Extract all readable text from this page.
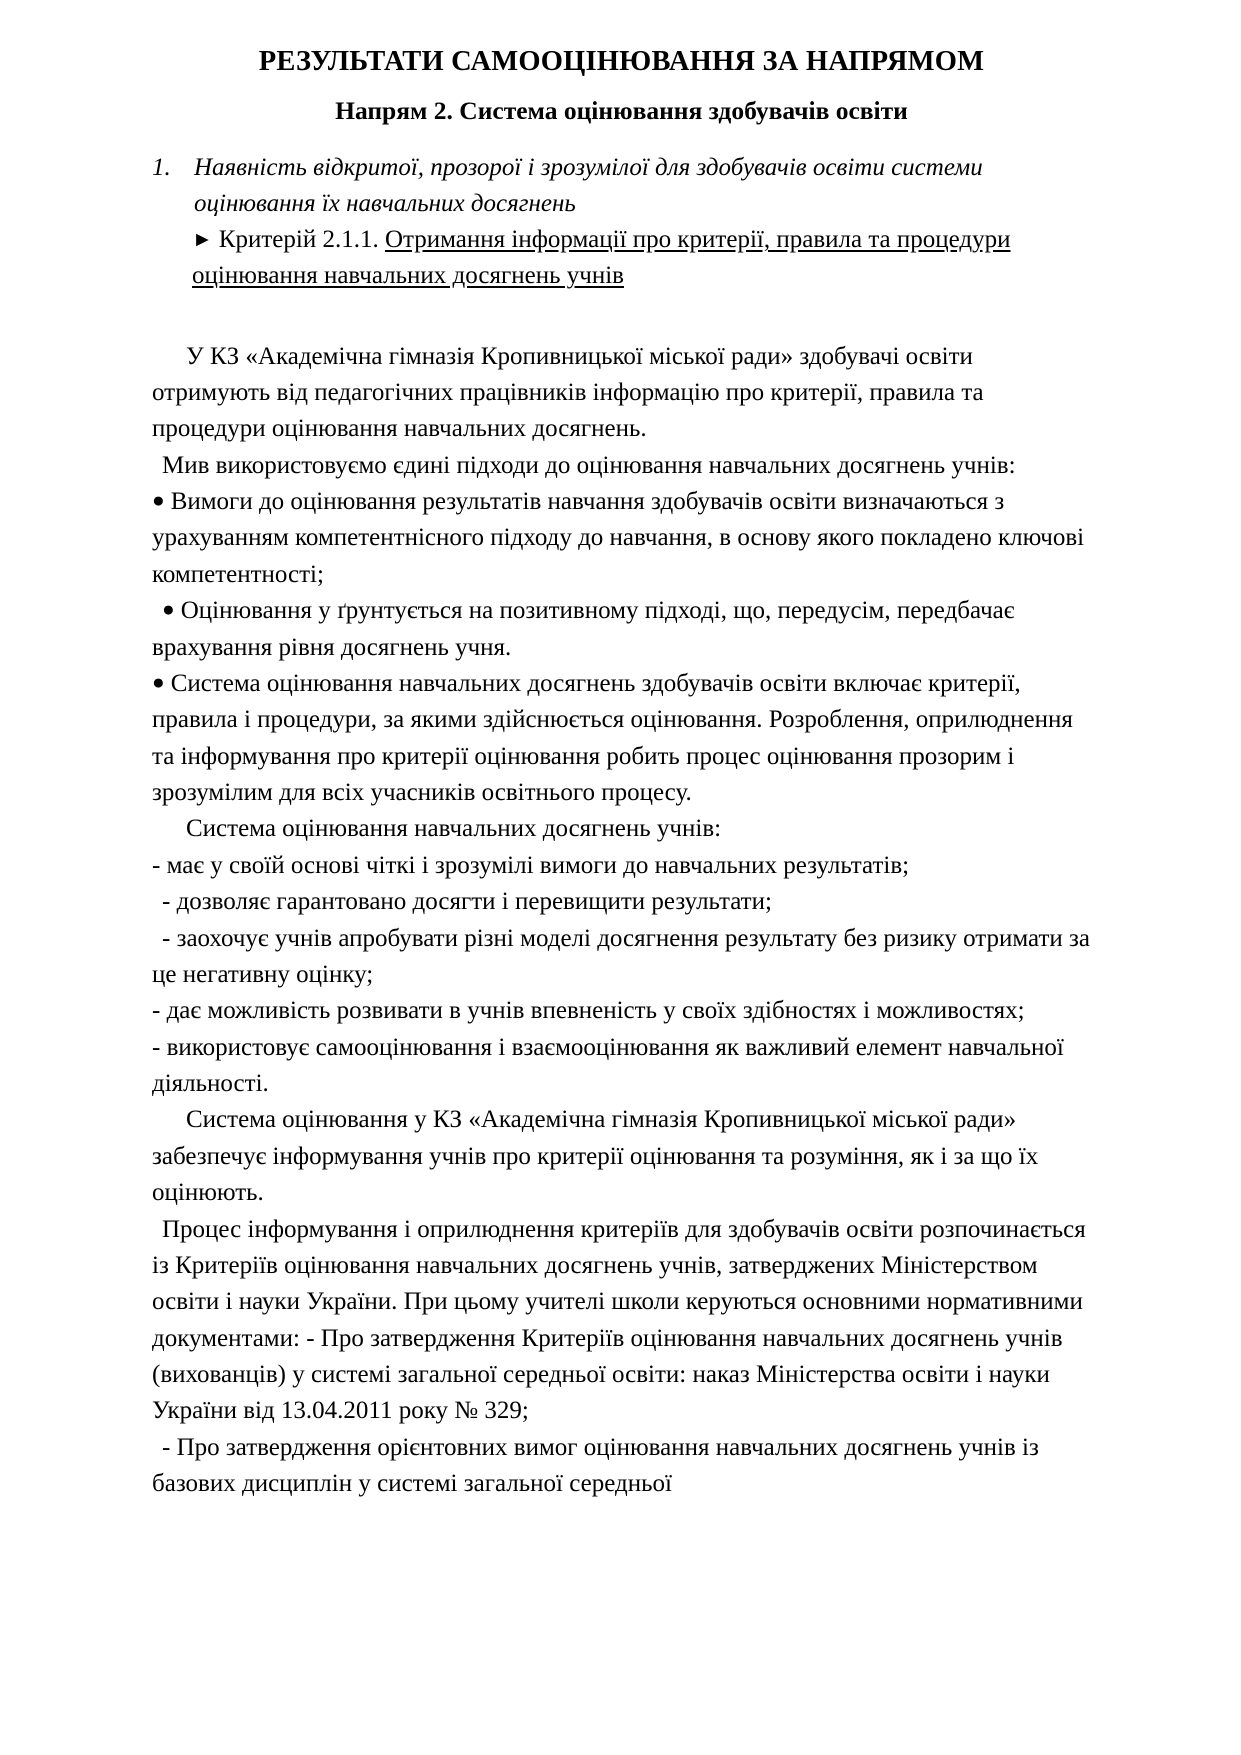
РЕЗУЛЬТАТИ САМООЦІНЮВАННЯ ЗА НАПРЯМОМ
Напрям 2. Система оцінювання здобувачів освіти
1. Наявність відкритої, прозорої і зрозумілої для здобувачів освіти системи оцінювання їх навчальних досягнень
► Критерій 2.1.1. Отримання інформації про критерії, правила та процедури оцінювання навчальних досягнень учнів

У КЗ «Академічна гімназія Кропивницької міської ради» здобувачі освіти отримують від педагогічних працівників інформацію про критерії, правила та процедури оцінювання навчальних досягнень.

Мив використовуємо єдині підходи до оцінювання навчальних досягнень учнів:

● Вимоги до оцінювання результатів навчання здобувачів освіти визначаються з урахуванням компетентнісного підходу до навчання, в основу якого покладено ключові компетентності;

● Оцінювання у ґрунтується на позитивному підході, що, передусім, передбачає врахування рівня досягнень учня.

● Система оцінювання навчальних досягнень здобувачів освіти включає критерії, правила і процедури, за якими здійснюється оцінювання. Розроблення, оприлюднення та інформування про критерії оцінювання робить процес оцінювання прозорим і зрозумілим для всіх учасників освітнього процесу.

Система оцінювання навчальних досягнень учнів:

- має у своїй основі чіткі і зрозумілі вимоги до навчальних результатів;

- дозволяє гарантовано досягти і перевищити результати;

- заохочує учнів апробувати різні моделі досягнення результату без ризику отримати за це негативну оцінку;

- дає можливість розвивати в учнів впевненість у своїх здібностях і можливостях;

- використовує самооцінювання і взаємооцінювання як важливий елемент навчальної діяльності.

Система оцінювання у КЗ «Академічна гімназія Кропивницької міської ради» забезпечує інформування учнів про критерії оцінювання та розуміння, як і за що їх оцінюють.

Процес інформування і оприлюднення критеріїв для здобувачів освіти розпочинається із Критеріїв оцінювання навчальних досягнень учнів, затверджених Міністерством освіти і науки України. При цьому учителі школи керуються основними нормативними документами: - Про затвердження Критеріїв оцінювання навчальних досягнень учнів (вихованців) у системі загальної середньої освіти: наказ Міністерства освіти і науки України від 13.04.2011 року № 329;

- Про затвердження орієнтовних вимог оцінювання навчальних досягнень учнів із базових дисциплін у системі загальної середньої
